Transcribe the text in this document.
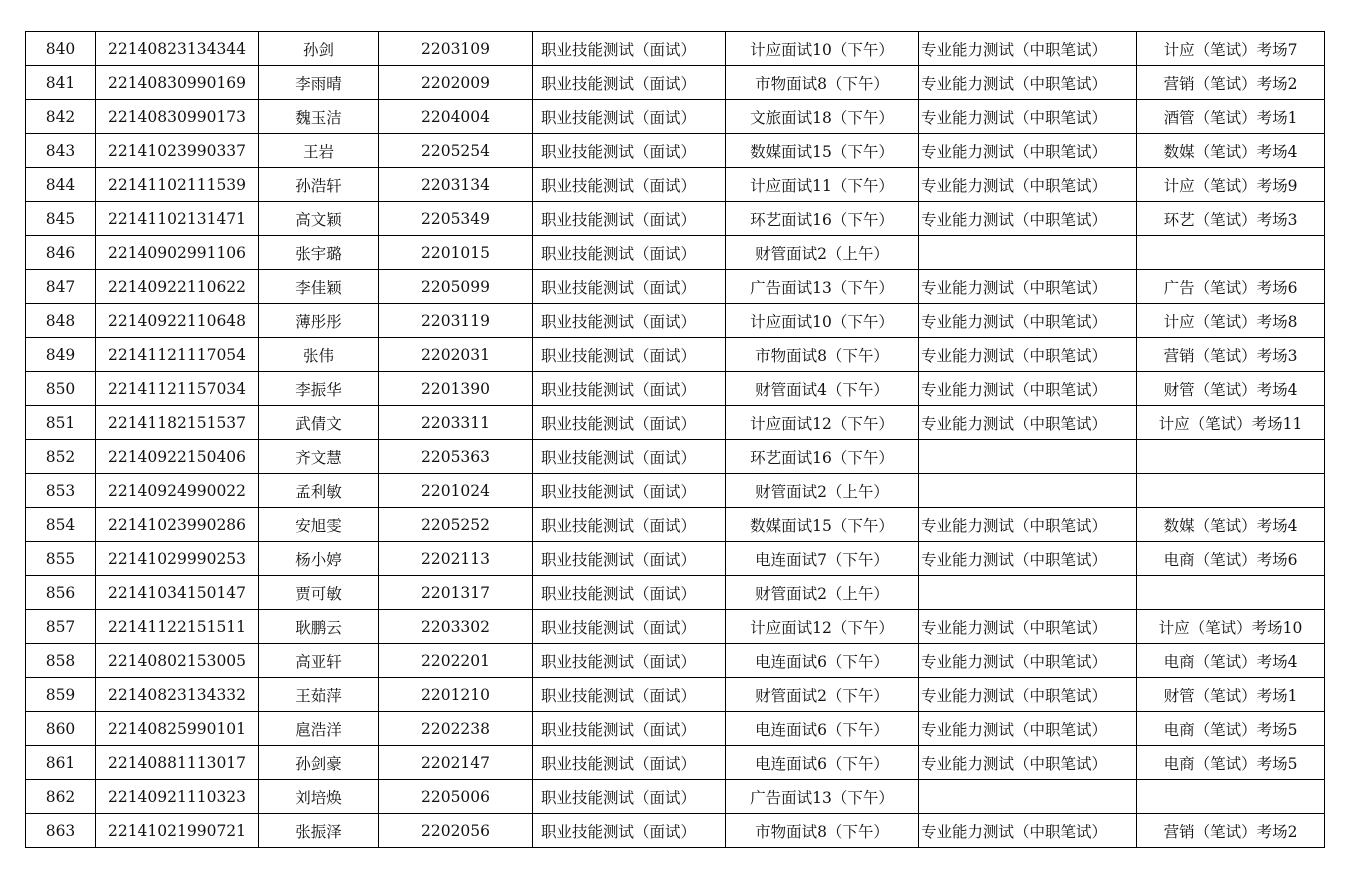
840	22140823134344	孙剑	2203109	职业技能测试（面试）	计应面试10（下午）	专业能力测试（中职笔试）	计应（笔试）考场7
841	22140830990169	李雨晴	2202009	职业技能测试（面试）	市物面试8（下午）	专业能力测试（中职笔试）	营销（笔试）考场2
842	22140830990173	魏玉洁	2204004	职业技能测试（面试）	文旅面试18（下午）	专业能力测试（中职笔试）	酒管（笔试）考场1
843	22141023990337	王岩	2205254	职业技能测试（面试）	数媒面试15（下午）	专业能力测试（中职笔试）	数媒（笔试）考场4
844	22141102111539	孙浩轩	2203134	职业技能测试（面试）	计应面试11（下午）	专业能力测试（中职笔试）	计应（笔试）考场9
845	22141102131471	高文颖	2205349	职业技能测试（面试）	环艺面试16（下午）	专业能力测试（中职笔试）	环艺（笔试）考场3
846	22140902991106	张宇璐	2201015	职业技能测试（面试）	财管面试2（上午）		
847	22140922110622	李佳颖	2205099	职业技能测试（面试）	广告面试13（下午）	专业能力测试（中职笔试）	广告（笔试）考场6
848	22140922110648	薄彤彤	2203119	职业技能测试（面试）	计应面试10（下午）	专业能力测试（中职笔试）	计应（笔试）考场8
849	22141121117054	张伟	2202031	职业技能测试（面试）	市物面试8（下午）	专业能力测试（中职笔试）	营销（笔试）考场3
850	22141121157034	李振华	2201390	职业技能测试（面试）	财管面试4（下午）	专业能力测试（中职笔试）	财管（笔试）考场4
851	22141182151537	武倩文	2203311	职业技能测试（面试）	计应面试12（下午）	专业能力测试（中职笔试）	计应（笔试）考场11
852	22140922150406	齐文慧	2205363	职业技能测试（面试）	环艺面试16（下午）		
853	22140924990022	孟利敏	2201024	职业技能测试（面试）	财管面试2（上午）		
854	22141023990286	安旭雯	2205252	职业技能测试（面试）	数媒面试15（下午）	专业能力测试（中职笔试）	数媒（笔试）考场4
855	22141029990253	杨小婷	2202113	职业技能测试（面试）	电连面试7（下午）	专业能力测试（中职笔试）	电商（笔试）考场6
856	22141034150147	贾可敏	2201317	职业技能测试（面试）	财管面试2（上午）		
857	22141122151511	耿鹏云	2203302	职业技能测试（面试）	计应面试12（下午）	专业能力测试（中职笔试）	计应（笔试）考场10
858	22140802153005	高亚轩	2202201	职业技能测试（面试）	电连面试6（下午）	专业能力测试（中职笔试）	电商（笔试）考场4
859	22140823134332	王茹萍	2201210	职业技能测试（面试）	财管面试2（下午）	专业能力测试（中职笔试）	财管（笔试）考场1
860	22140825990101	扈浩洋	2202238	职业技能测试（面试）	电连面试6（下午）	专业能力测试（中职笔试）	电商（笔试）考场5
861	22140881113017	孙剑豪	2202147	职业技能测试（面试）	电连面试6（下午）	专业能力测试（中职笔试）	电商（笔试）考场5
862	22140921110323	刘培焕	2205006	职业技能测试（面试）	广告面试13（下午）		
863	22141021990721	张振泽	2202056	职业技能测试（面试）	市物面试8（下午）	专业能力测试（中职笔试）	营销（笔试）考场2
